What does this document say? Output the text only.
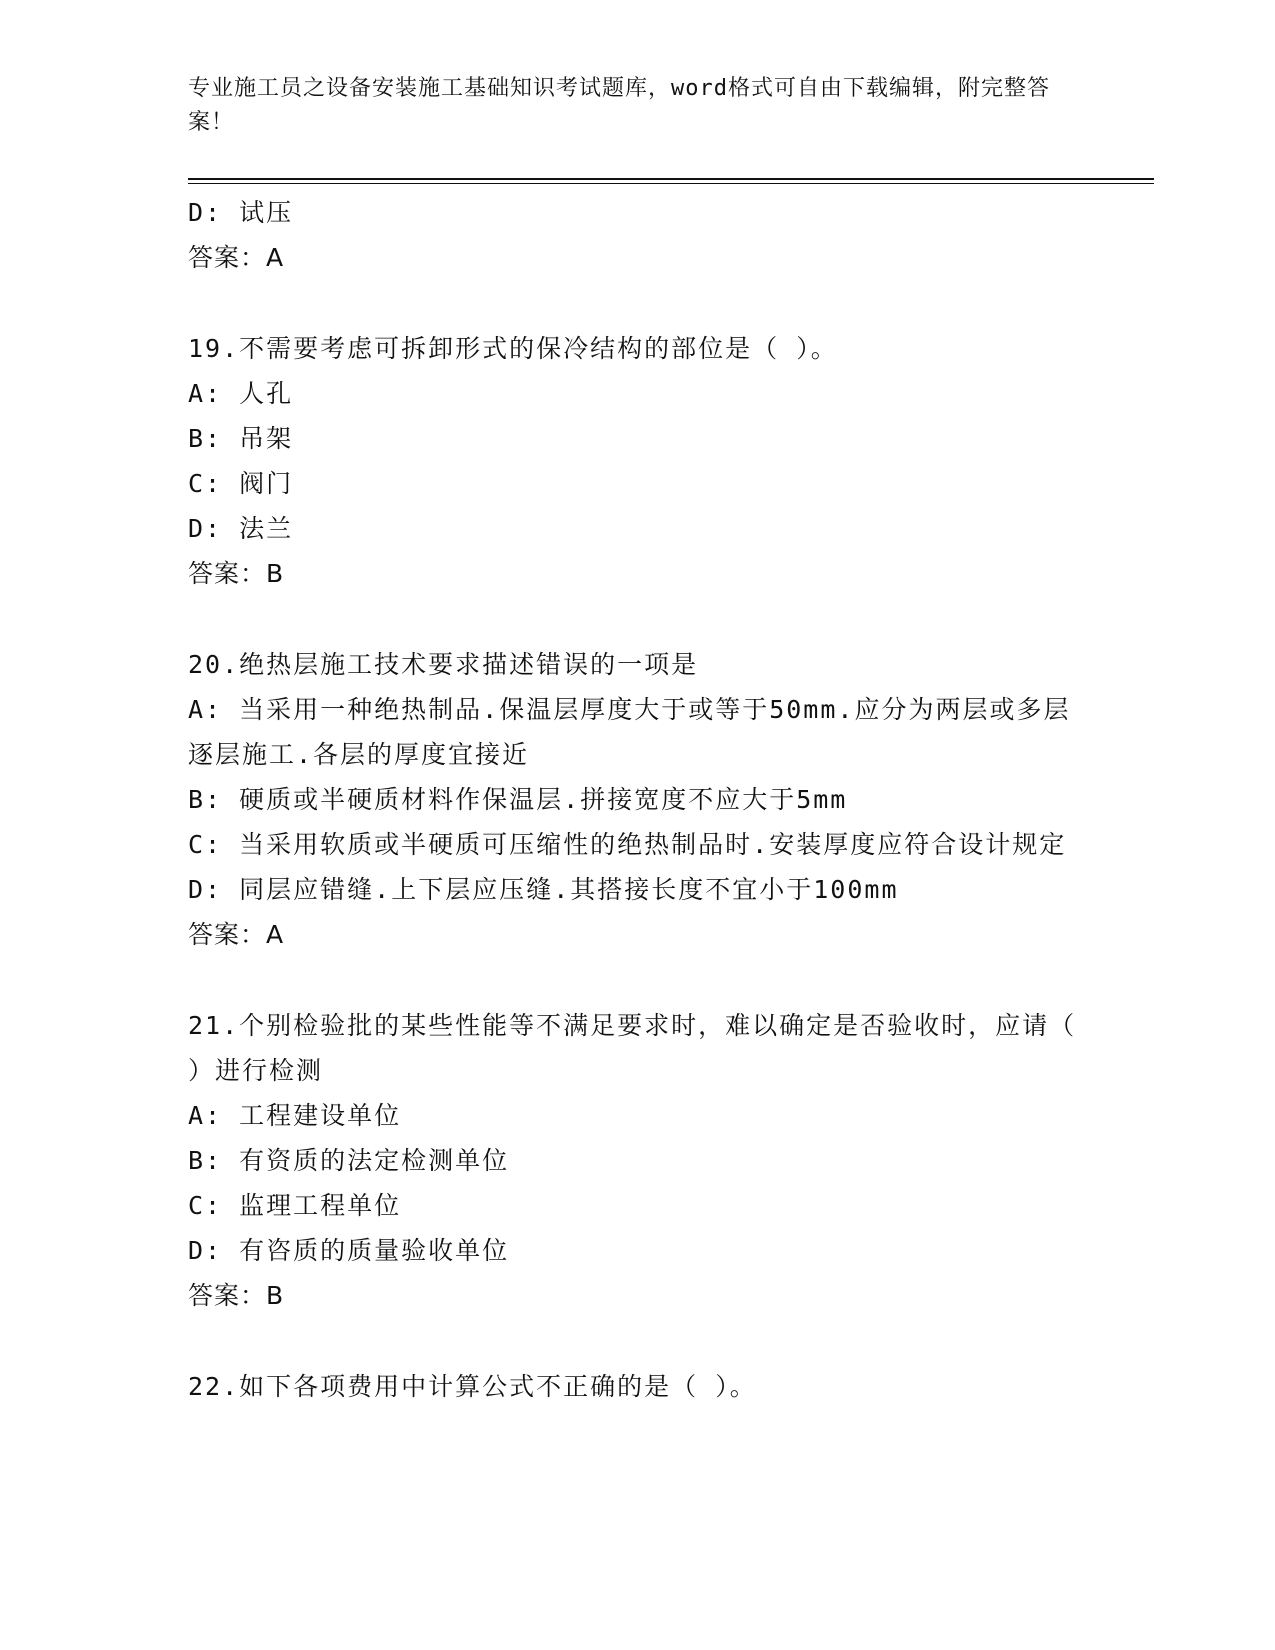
专业施工员之设备安装施工基础知识考试题库，word格式可自由下载编辑，附完整答案！
D: 试压
答案：A
19.不需要考虑可拆卸形式的保冷结构的部位是（ ）。
A: 人孔
B: 吊架
C: 阀门
D: 法兰
答案：B
20.绝热层施工技术要求描述错误的一项是
A: 当采用一种绝热制品.保温层厚度大于或等于50mm.应分为两层或多层逐层施工.各层的厚度宜接近
B: 硬质或半硬质材料作保温层.拼接宽度不应大于5mm
C: 当采用软质或半硬质可压缩性的绝热制品时.安装厚度应符合设计规定
D: 同层应错缝.上下层应压缝.其搭接长度不宜小于100mm
答案：A
21.个别检验批的某些性能等不满足要求时，难以确定是否验收时，应请（ ）进行检测
A: 工程建设单位
B: 有资质的法定检测单位
C: 监理工程单位
D: 有咨质的质量验收单位
答案：B
22.如下各项费用中计算公式不正确的是（ ）。
